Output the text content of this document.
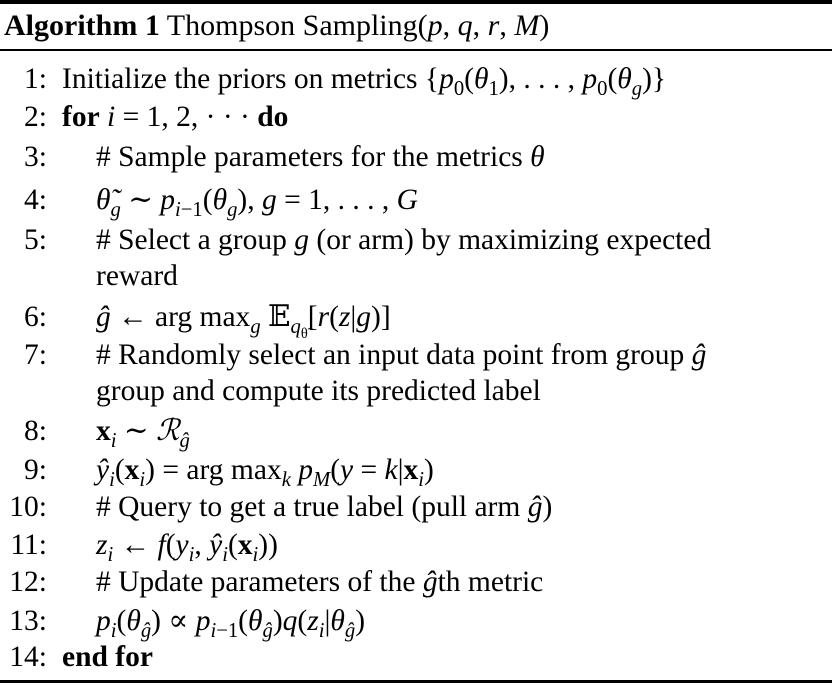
Algorithm 1 Thompson Sampling(p, q, r, M)
1: Initialize the priors on metrics {$p_0(\theta_1)$, . . . , $p_0(\theta_g)$}
2: for i = 1, 2, · · · do
3: # Sample parameters for the metrics θ
4: $\thetã_g$ ∼ $p_{i-1}(\theta_g)$, g = 1, . . . , G
5: # Select a group g (or arm) by maximizing expected
reward
6: ĝ ← arg $\max_g$ 𝔼$_{q_{\thetã}}$[r(z|g)]
7: # Randomly select an input data point from group ĝ
group and compute its predicted label
8: $x_i$ ∼ ℛ$_ĝ$
9: $ŷ_i(x_i)$ = arg $\max_k p_M(y = k|x_i)$
10: # Query to get a true label (pull arm ĝ)
11: $z_i$ ← $f(y_i$, $ŷ_i(x_i)$)
12: # Update parameters of the ĝth metric
13: $p_i(\theta_ĝ) \propto p_{i-1}(\theta_ĝ)q(z_i|\theta_ĝ)$
14: end for
